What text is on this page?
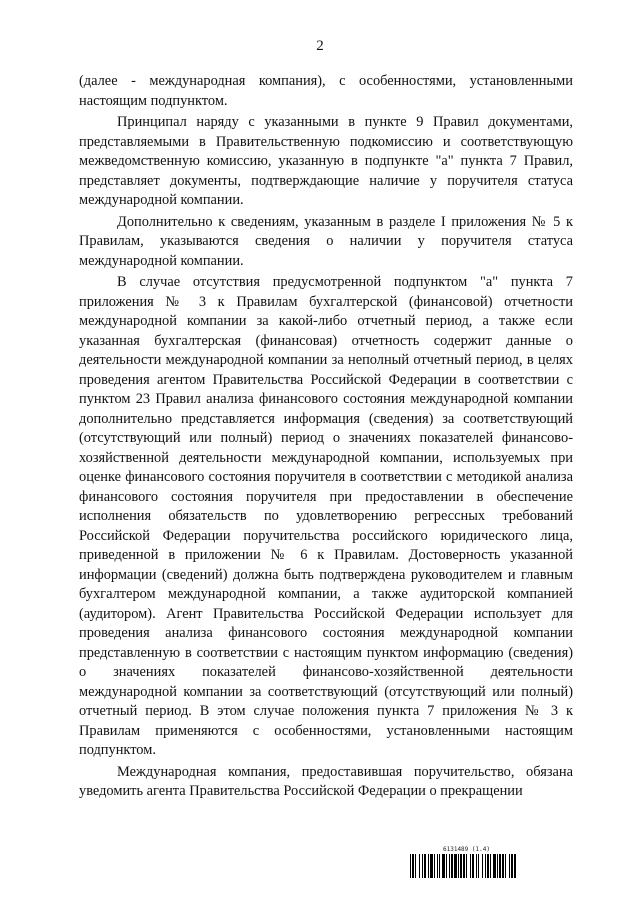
2

(далее - международная компания), с особенностями, установленными настоящим подпунктом.

Принципал наряду с указанными в пункте 9 Правил документами, представляемыми в Правительственную подкомиссию и соответствующую межведомственную комиссию, указанную в подпункте "а" пункта 7 Правил, представляет документы, подтверждающие наличие у поручителя статуса международной компании.

Дополнительно к сведениям, указанным в разделе I приложения № 5 к Правилам, указываются сведения о наличии у поручителя статуса международной компании.

В случае отсутствия предусмотренной подпунктом "а" пункта 7 приложения № 3 к Правилам бухгалтерской (финансовой) отчетности международной компании за какой-либо отчетный период, а также если указанная бухгалтерская (финансовая) отчетность содержит данные о деятельности международной компании за неполный отчетный период, в целях проведения агентом Правительства Российской Федерации в соответствии с пунктом 23 Правил анализа финансового состояния международной компании дополнительно представляется информация (сведения) за соответствующий (отсутствующий или полный) период о значениях показателей финансово-хозяйственной деятельности международной компании, используемых при оценке финансового состояния поручителя в соответствии с методикой анализа финансового состояния поручителя при предоставлении в обеспечение исполнения обязательств по удовлетворению регрессных требований Российской Федерации поручительства российского юридического лица, приведенной в приложении № 6 к Правилам. Достоверность указанной информации (сведений) должна быть подтверждена руководителем и главным бухгалтером международной компании, а также аудиторской компанией (аудитором). Агент Правительства Российской Федерации использует для проведения анализа финансового состояния международной компании представленную в соответствии с настоящим пунктом информацию (сведения) о значениях показателей финансово-хозяйственной деятельности международной компании за соответствующий (отсутствующий или полный) отчетный период. В этом случае положения пункта 7 приложения № 3 к Правилам применяются с особенностями, установленными настоящим подпунктом.

Международная компания, предоставившая поручительство, обязана уведомить агента Правительства Российской Федерации о прекращении

6131489 (1.4)
